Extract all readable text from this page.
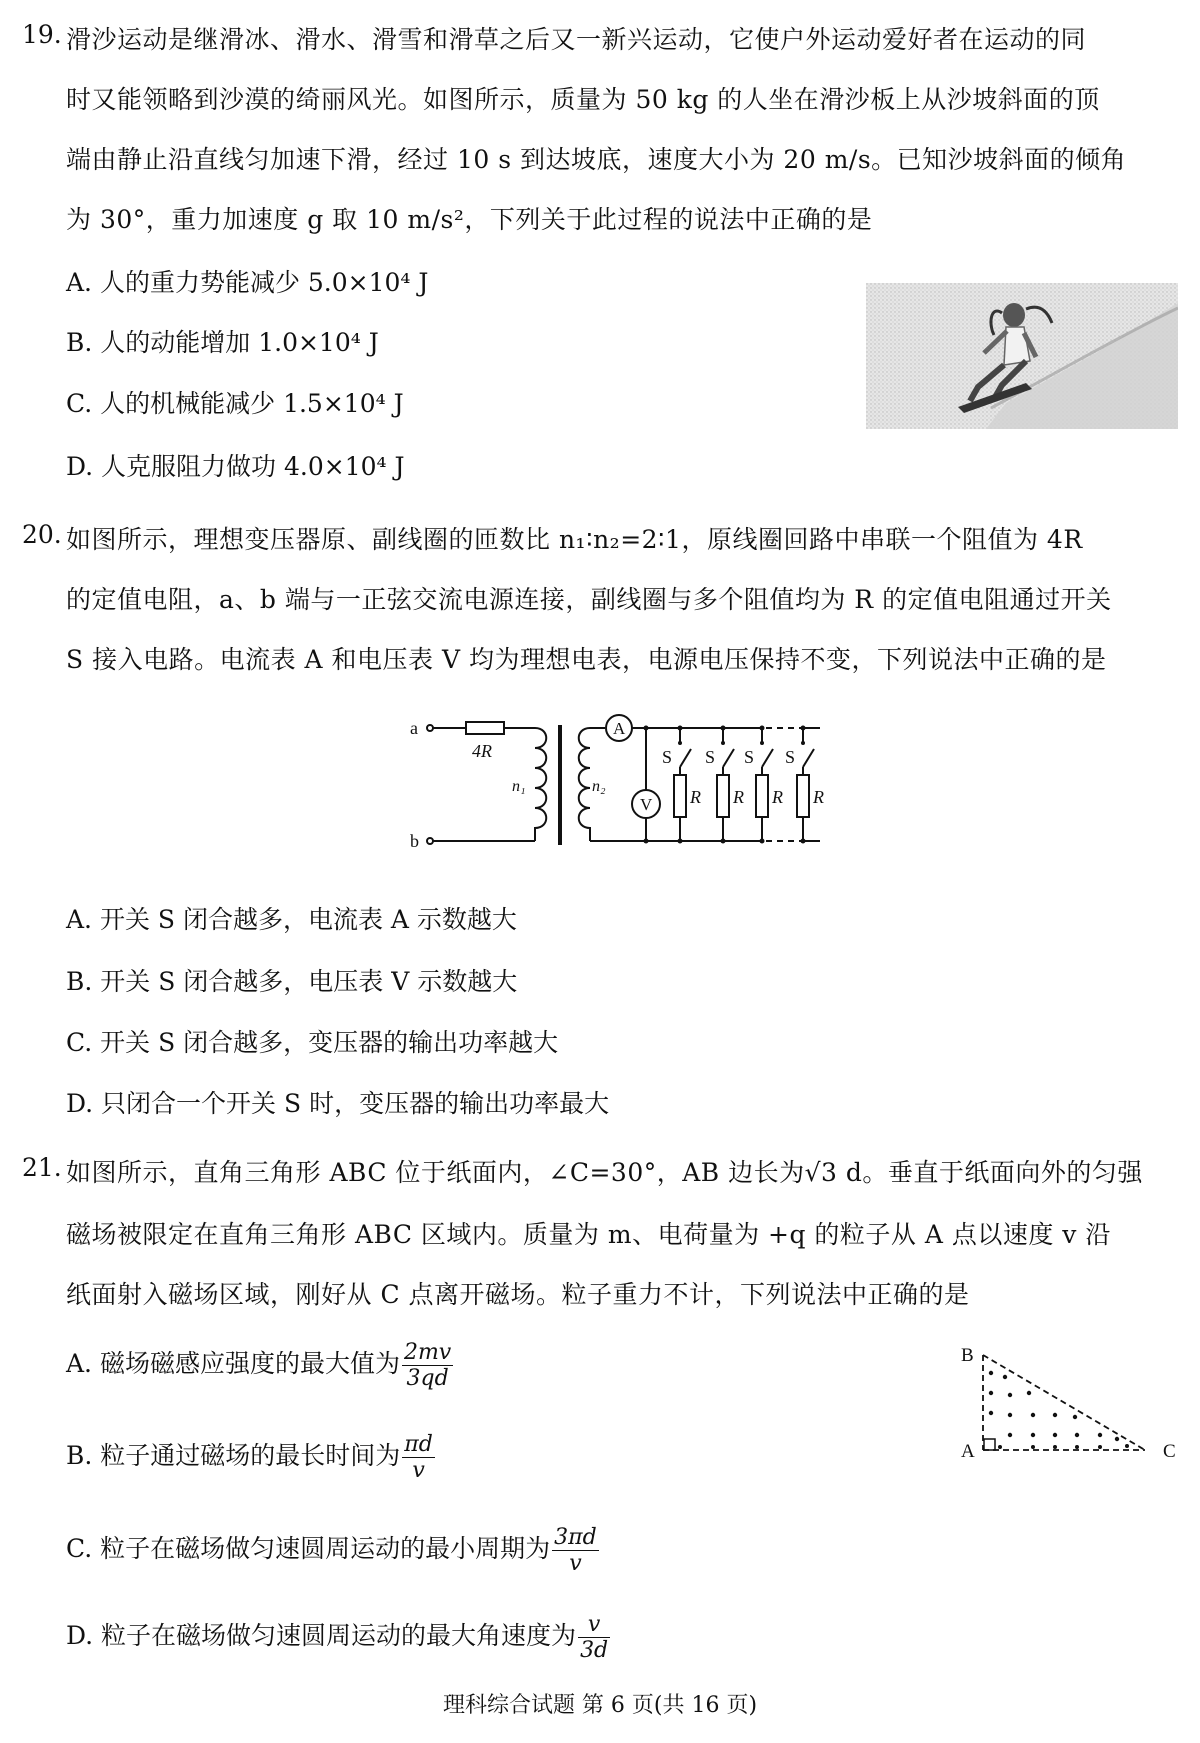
19. 滑沙运动是继滑冰、滑水、滑雪和滑草之后又一新兴运动，它使户外运动爱好者在运动的同
时又能领略到沙漠的绮丽风光。如图所示，质量为 50 kg 的人坐在滑沙板上从沙坡斜面的顶
端由静止沿直线匀加速下滑，经过 10 s 到达坡底，速度大小为 20 m/s。已知沙坡斜面的倾角
为 30°，重力加速度 g 取 10 m/s²，下列关于此过程的说法中正确的是
A. 人的重力势能减少 5.0×10⁴ J
B. 人的动能增加 1.0×10⁴ J
C. 人的机械能减少 1.5×10⁴ J
D. 人克服阻力做功 4.0×10⁴ J
20. 如图所示，理想变压器原、副线圈的匝数比 n₁∶n₂=2∶1，原线圈回路中串联一个阻值为 4R
的定值电阻，a、b 端与一正弦交流电源连接，副线圈与多个阻值均为 R 的定值电阻通过开关
S 接入电路。电流表 A 和电压表 V 均为理想电表，电源电压保持不变，下列说法中正确的是
a
b
4R
n₁	n₂
A
V
S S S S
R R R R
A. 开关 S 闭合越多，电流表 A 示数越大
B. 开关 S 闭合越多，电压表 V 示数越大
C. 开关 S 闭合越多，变压器的输出功率越大
D. 只闭合一个开关 S 时，变压器的输出功率最大
21. 如图所示，直角三角形 ABC 位于纸面内，∠C=30°，AB 边长为√3 d。垂直于纸面向外的匀强
磁场被限定在直角三角形 ABC 区域内。质量为 m、电荷量为 +q 的粒子从 A 点以速度 v 沿
纸面射入磁场区域，刚好从 C 点离开磁场。粒子重力不计，下列说法中正确的是
A. 磁场磁感应强度的最大值为 $\frac{2mv}{3qd}$
B. 粒子通过磁场的最长时间为 $\frac{\pi d}{v}$
C. 粒子在磁场做匀速圆周运动的最小周期为 $\frac{3\pi d}{v}$
D. 粒子在磁场做匀速圆周运动的最大角速度为 $\frac{v}{3d}$
B
A	C
理科综合试题 第 6 页(共 16 页)
